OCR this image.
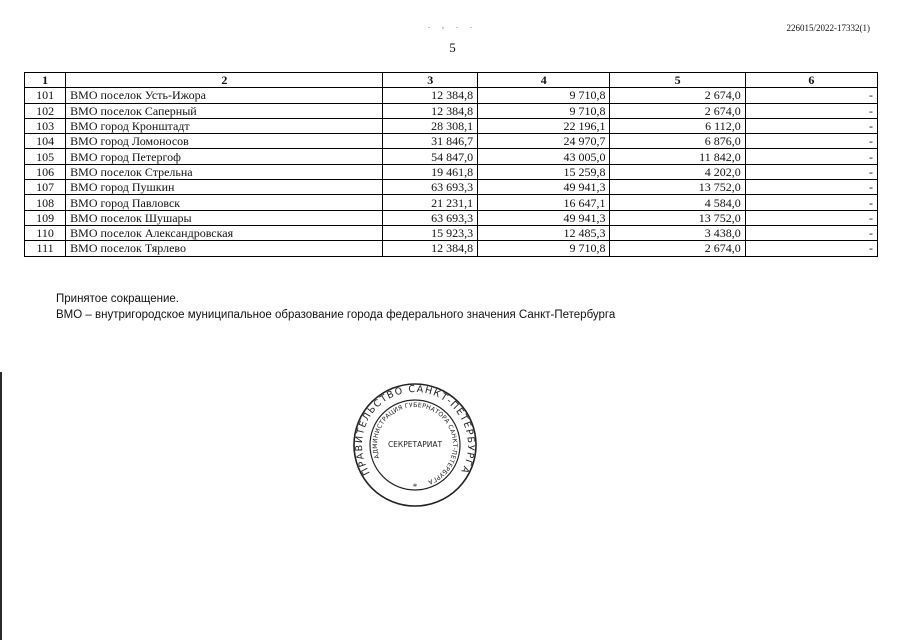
. , . .	226015/2022-17332(1)
5
1	2	3	4	5	6
101	ВМО поселок Усть-Ижора	12 384,8	9 710,8	2 674,0	-
102	ВМО поселок Саперный	12 384,8	9 710,8	2 674,0	-
103	ВМО город Кронштадт	28 308,1	22 196,1	6 112,0	-
104	ВМО город Ломоносов	31 846,7	24 970,7	6 876,0	-
105	ВМО город Петергоф	54 847,0	43 005,0	11 842,0	-
106	ВМО поселок Стрельна	19 461,8	15 259,8	4 202,0	-
107	ВМО город Пушкин	63 693,3	49 941,3	13 752,0	-
108	ВМО город Павловск	21 231,1	16 647,1	4 584,0	-
109	ВМО поселок Шушары	63 693,3	49 941,3	13 752,0	-
110	ВМО поселок Александровская	15 923,3	12 485,3	3 438,0	-
111	ВМО поселок Тярлево	12 384,8	9 710,8	2 674,0	-
Принятое сокращение.
ВМО – внутригородское муниципальное образование города федерального значения Санкт-Петербурга
ПРАВИТЕЛЬСТВО САНКТ-ПЕТЕРБУРГА
АДМИНИСТРАЦИЯ ГУБЕРНАТОРА САНКТ-ПЕТЕРБУРГА
СЕКРЕТАРИАТ
*
